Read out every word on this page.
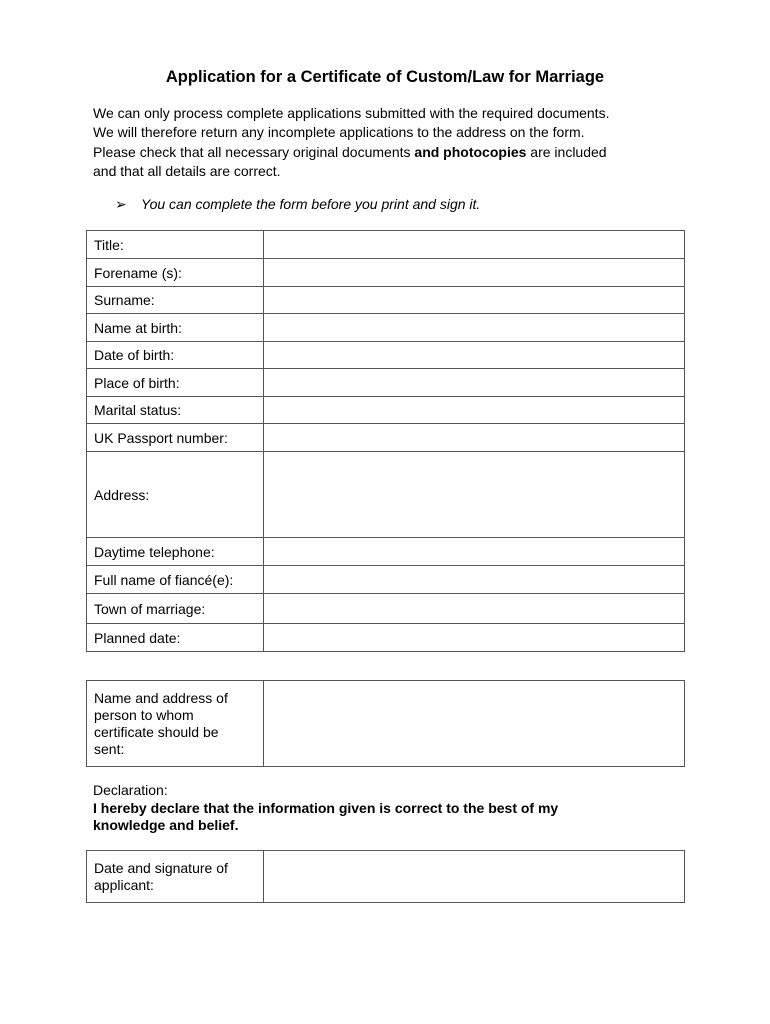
Application for a Certificate of Custom/Law for Marriage

We can only process complete applications submitted with the required documents.

We will therefore return any incomplete applications to the address on the form.

Please check that all necessary original documents and photocopies are included

and that all details are correct.

➢ You can complete the form before you print and sign it.
Title:	
Forename (s):	
Surname:	
Name at birth:	
Date of birth:	
Place of birth:	
Marital status:	
UK Passport number:	
Address:	

Daytime telephone:	
Full name of fiancé(e):	
Town of marriage:	
Planned date:	
Name and address of
person to whom
certificate should be
sent:

Declaration:
I hereby declare that the information given is correct to the best of my
knowledge and belief.
Date and signature of
applicant:
